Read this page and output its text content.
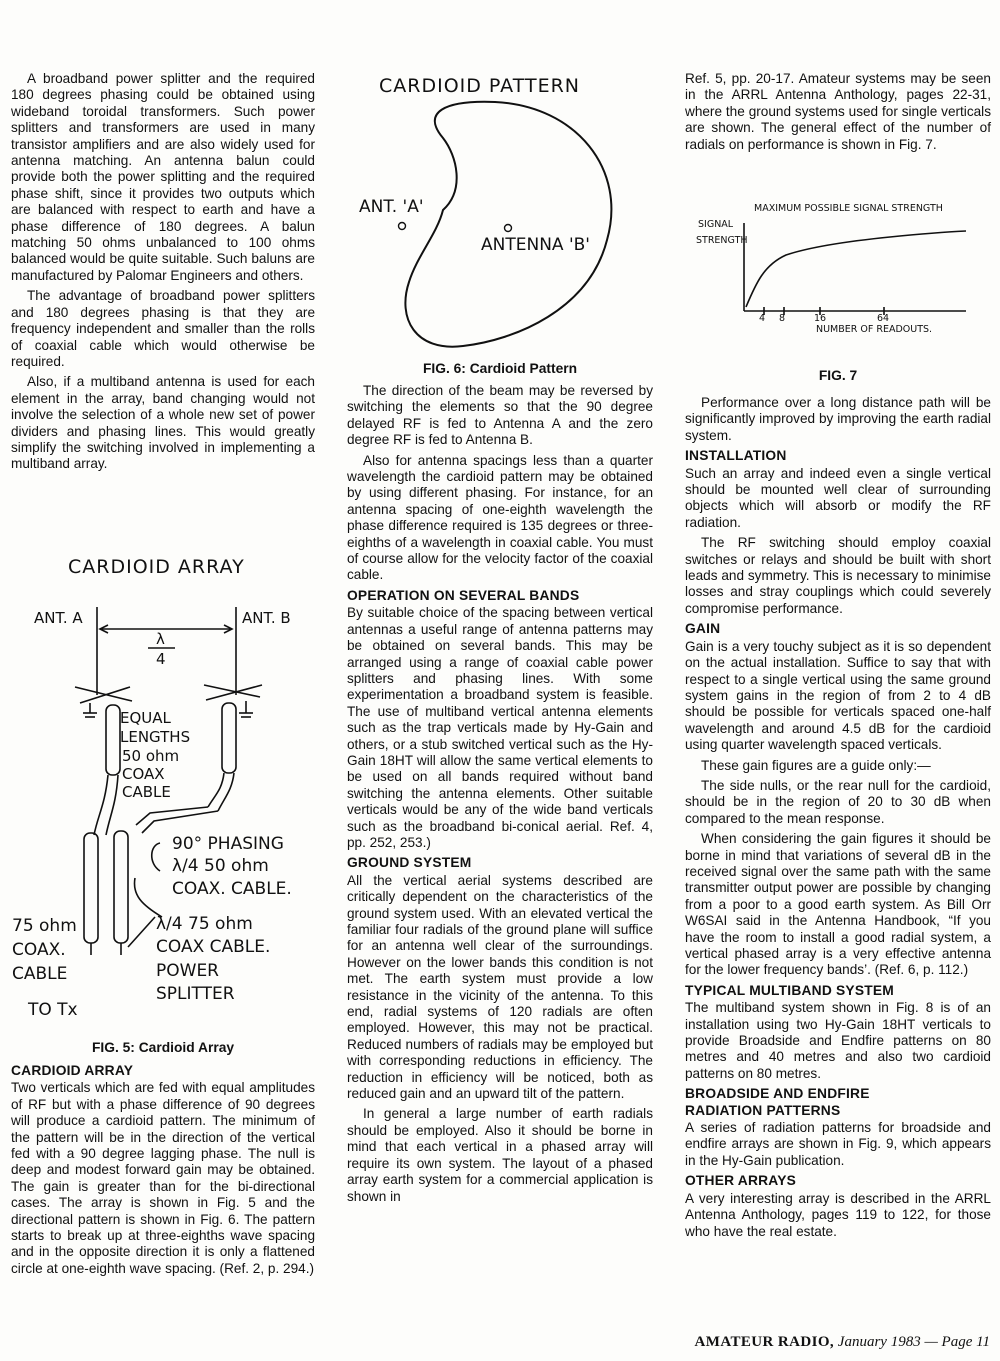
A broadband power splitter and the required 180 degrees phasing could be obtained using wideband toroidal transformers. Such power splitters and transformers are used in many transistor amplifiers and are also widely used for antenna matching. An antenna balun could provide both the power splitting and the required phase shift, since it provides two outputs which are balanced with respect to earth and have a phase difference of 180 degrees. A balun matching 50 ohms unbalanced to 100 ohms balanced would be quite suitable. Such baluns are manufactured by Palomar Engineers and others.

The advantage of broadband power splitters and 180 degrees phasing is that they are frequency independent and smaller than the rolls of coaxial cable which would otherwise be required.

Also, if a multiband antenna is used for each element in the array, band changing would not involve the selection of a whole new set of power dividers and phasing lines. This would greatly simplify the switching involved in implementing a multiband array.

CARDIOID ARRAY
ANT. A	ANT. B
λ
4
EQUAL
LENGTHS
50 ohm
COAX
CABLE
90° PHASING
λ/4 50 ohm
COAX. CABLE.
λ/4 75 ohm
COAX CABLE.
POWER
SPLITTER
75 ohm
COAX.
CABLE
TO Tx
FIG. 5: Cardioid Array
CARDIOID ARRAY

Two verticals which are fed with equal amplitudes of RF but with a phase difference of 90 degrees will produce a cardioid pattern. The minimum of the pattern will be in the direction of the vertical fed with a 90 degree lagging phase. The null is deep and modest forward gain may be obtained. The gain is greater than for the bi-directional cases. The array is shown in Fig. 5 and the directional pattern is shown in Fig. 6. The pattern starts to break up at three-eighths wave spacing and in the opposite direction it is only a flattened circle at one-eighth wave spacing. (Ref. 2, p. 294.)

CARDIOID PATTERN
ANT. 'A'
ANTENNA 'B'
FIG. 6: Cardioid Pattern

The direction of the beam may be reversed by switching the elements so that the 90 degree delayed RF is fed to Antenna A and the zero degree RF is fed to Antenna B.

Also for antenna spacings less than a quarter wavelength the cardioid pattern may be obtained by using different phasing. For instance, for an antenna spacing of one-eighth wavelength the phase difference required is 135 degrees or three-eighths of a wavelength in coaxial cable. You must of course allow for the velocity factor of the coaxial cable.

OPERATION ON SEVERAL BANDS

By suitable choice of the spacing between vertical antennas a useful range of antenna patterns may be obtained on several bands. This may be arranged using a range of coaxial cable power splitters and phasing lines. With some experimentation a broadband system is feasible. The use of multiband vertical antenna elements such as the trap verticals made by Hy-Gain and others, or a stub switched vertical such as the Hy-Gain 18HT will allow the same vertical elements to be used on all bands required without band switching the antenna elements. Other suitable verticals would be any of the wide band verticals such as the broadband bi-conical aerial. Ref. 4, pp. 252, 253.)

GROUND SYSTEM

All the vertical aerial systems described are critically dependent on the characteristics of the ground system used. With an elevated vertical the familiar four radials of the ground plane will suffice for an antenna well clear of the surroundings. However on the lower bands this condition is not met. The earth system must provide a low resistance in the vicinity of the antenna. To this end, radial systems of 120 radials are often employed. However, this may not be practical. Reduced numbers of radials may be employed but with corresponding reductions in efficiency. The reduction in efficiency will be noticed, both as reduced gain and an upward tilt of the pattern.

In general a large number of earth radials should be employed. Also it should be borne in mind that each vertical in a phased array will require its own system. The layout of a phased array earth system for a commercial application is shown in

Ref. 5, pp. 20-17. Amateur systems may be seen in the ARRL Antenna Anthology, pages 22-31, where the ground systems used for single verticals are shown. The general effect of the number of radials on performance is shown in Fig. 7.

MAXIMUM POSSIBLE SIGNAL STRENGTH
SIGNAL
STRENGTH
4 8	16	64
NUMBER OF READOUTS.
FIG. 7

Performance over a long distance path will be significantly improved by improving the earth radial system.

INSTALLATION

Such an array and indeed even a single vertical should be mounted well clear of surrounding objects which will absorb or modify the RF radiation.

The RF switching should employ coaxial switches or relays and should be built with short leads and symmetry. This is necessary to minimise losses and stray couplings which could severely compromise performance.

GAIN

Gain is a very touchy subject as it is so dependent on the actual installation. Suffice to say that with respect to a single vertical using the same ground system gains in the region of from 2 to 4 dB should be possible for verticals spaced one-half wavelength and around 4.5 dB for the cardioid using quarter wavelength spaced verticals.

These gain figures are a guide only:—

The side nulls, or the rear null for the cardioid, should be in the region of 20 to 30 dB when compared to the mean response.

When considering the gain figures it should be borne in mind that variations of several dB in the received signal over the same path with the same transmitter output power are possible by changing from a poor to a good earth system. As Bill Orr W6SAI said in the Antenna Handbook, “If you have the room to install a good radial system, a vertical phased array is a very effective antenna for the lower frequency bands’. (Ref. 6, p. 112.)

TYPICAL MULTIBAND SYSTEM

The multiband system shown in Fig. 8 is of an installation using two Hy-Gain 18HT verticals to provide Broadside and Endfire patterns on 80 metres and 40 metres and also two cardioid patterns on 80 metres.

BROADSIDE AND ENDFIRE
RADIATION PATTERNS

A series of radiation patterns for broadside and endfire arrays are shown in Fig. 9, which appears in the Hy-Gain publication.

OTHER ARRAYS

A very interesting array is described in the ARRL Antenna Anthology, pages 119 to 122, for those who have the real estate.

AMATEUR RADIO, January 1983 — Page 11
